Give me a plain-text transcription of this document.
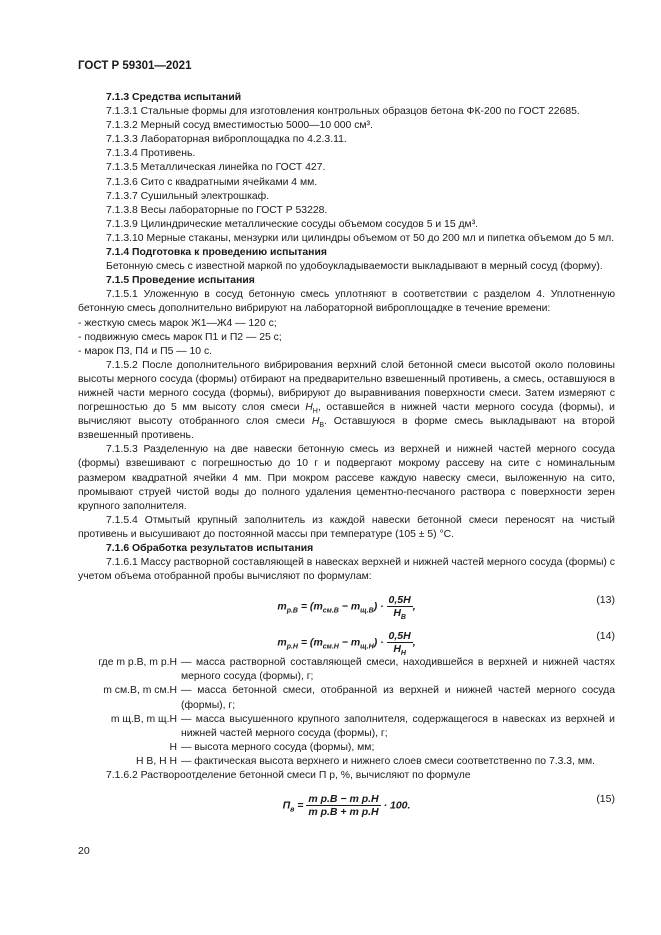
ГОСТ Р 59301—2021

7.1.3 Средства испытаний

7.1.3.1 Стальные формы для изготовления контрольных образцов бетона ФК-200 по ГОСТ 22685.

7.1.3.2 Мерный сосуд вместимостью 5000—10 000 см³.

7.1.3.3 Лабораторная виброплощадка по 4.2.3.11.

7.1.3.4 Противень.

7.1.3.5 Металлическая линейка по ГОСТ 427.

7.1.3.6 Сито с квадратными ячейками 4 мм.

7.1.3.7 Сушильный электрошкаф.

7.1.3.8 Весы лабораторные по ГОСТ Р 53228.

7.1.3.9 Цилиндрические металлические сосуды объемом сосудов 5 и 15 дм³.

7.1.3.10 Мерные стаканы, мензурки или цилиндры объемом от 50 до 200 мл и пипетка объемом до 5 мл.

7.1.4 Подготовка к проведению испытания

Бетонную смесь с известной маркой по удобоукладываемости выкладывают в мерный сосуд (форму).

7.1.5 Проведение испытания

7.1.5.1 Уложенную в сосуд бетонную смесь уплотняют в соответствии с разделом 4. Уплотненную бетонную смесь дополнительно вибрируют на лабораторной виброплощадке в течение времени:

- жесткую смесь марок Ж1—Ж4 — 120 с;

- подвижную смесь марок П1 и П2 — 25 с;

- марок П3, П4 и П5 — 10 с.

7.1.5.2 После дополнительного вибрирования верхний слой бетонной смеси высотой около половины высоты мерного сосуда (формы) отбирают на предварительно взвешенный противень, а смесь, оставшуюся в нижней части мерного сосуда (формы), вибрируют до выравнивания поверхности смеси. Затем измеряют с погрешностью до 5 мм высоту слоя смеси $H_Н$, оставшейся в нижней части мерного сосуда (формы), и вычисляют высоту отобранного слоя смеси $H_В$. Оставшуюся в форме смесь выкладывают на второй взвешенный противень.

7.1.5.3 Разделенную на две навески бетонную смесь из верхней и нижней частей мерного сосуда (формы) взвешивают с погрешностью до 10 г и подвергают мокрому рассеву на сите с номинальным размером квадратной ячейки 4 мм. При мокром рассеве каждую навеску смеси, выложенную на сито, промывают струей чистой воды до полного удаления цементно-песчаного раствора с поверхности зерен крупного заполнителя.

7.1.5.4 Отмытый крупный заполнитель из каждой навески бетонной смеси переносят на чистый противень и высушивают до постоянной массы при температуре (105 ± 5) °С.

7.1.6 Обработка результатов испытания

7.1.6.1 Массу растворной составляющей в навесках верхней и нижней частей мерного сосуда (формы) с учетом объема отобранной пробы вычисляют по формулам:

$m_{р.В} = (m_{см.В} - m_{щ.В}) \cdot \frac{0,5H}{H_В}$ ,
(13)
$m_{р.Н} = (m_{см.Н} - m_{щ.Н}) \cdot \frac{0,5H}{H_Н}$ ,
(14)
где m р.В, m р.Н — масса растворной составляющей смеси, находившейся в верхней и нижней частях мерного сосуда (формы), г;
m см.В, m см.Н — масса бетонной смеси, отобранной из верхней и нижней частей мерного сосуда (формы), г;
m щ.В, m щ.Н — масса высушенного крупного заполнителя, содержащегося в навесках из верхней и нижней частей мерного сосуда (формы), г;
H — высота мерного сосуда (формы), мм;
H В, H Н — фактическая высота верхнего и нижнего слоев смеси соответственно по 7.3.3, мм.

7.1.6.2 Раствороотделение бетонной смеси П р, %, вычисляют по формуле

$П_в = \frac{\text{m р.В − m р.Н}}{\text{m р.В + m р.Н}} \cdot 100$.
(15)
20
